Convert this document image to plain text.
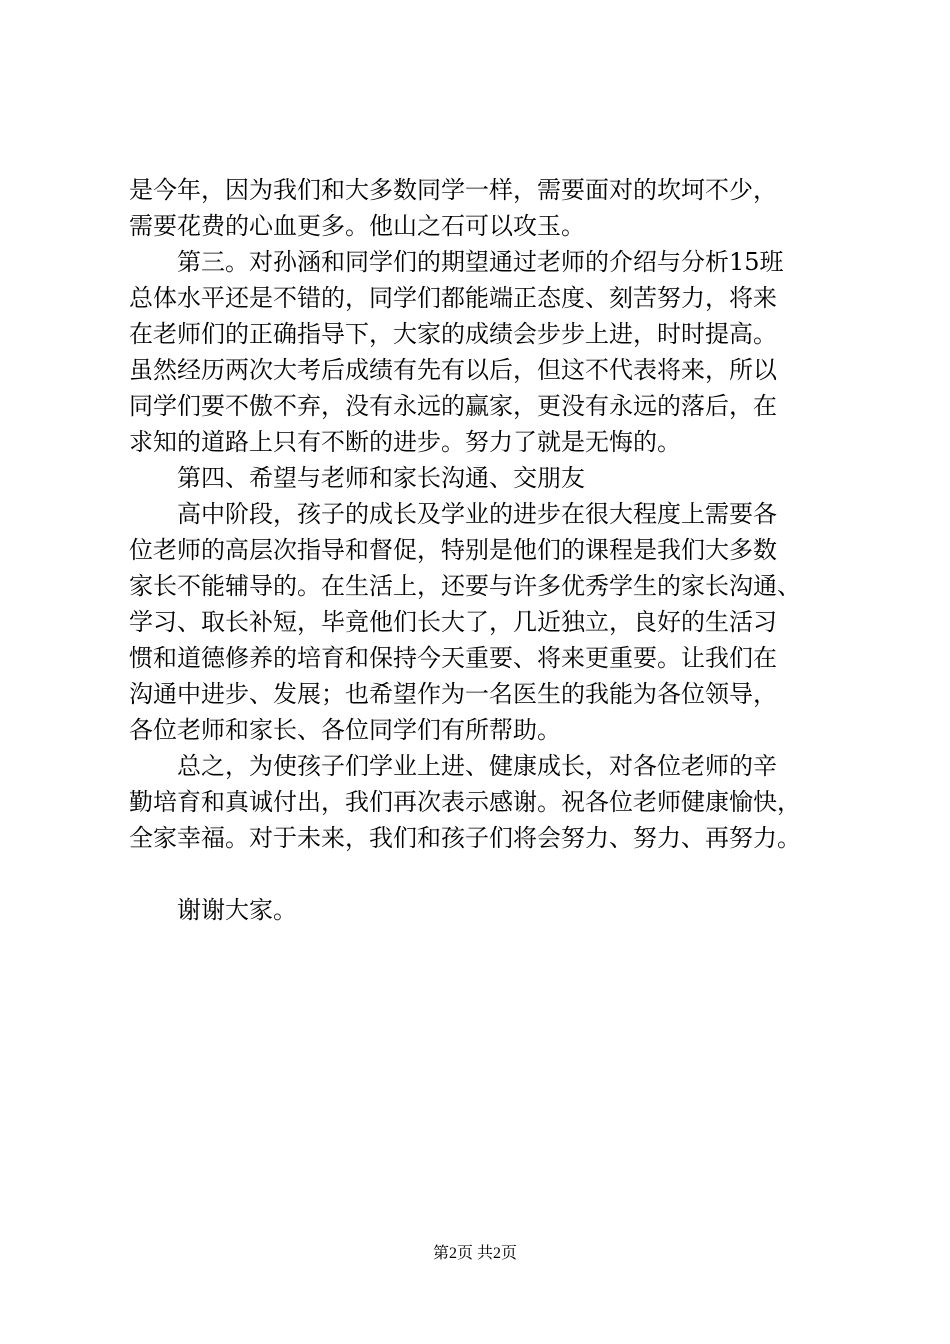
是今年，因为我们和大多数同学一样，需要面对的坎坷不少，
需要花费的心血更多。他山之石可以攻玉。
第三。对孙涵和同学们的期望通过老师的介绍与分析15班
总体水平还是不错的，同学们都能端正态度、刻苦努力，将来
在老师们的正确指导下，大家的成绩会步步上进，时时提高。
虽然经历两次大考后成绩有先有以后，但这不代表将来，所以
同学们要不傲不弃，没有永远的赢家，更没有永远的落后，在
求知的道路上只有不断的进步。努力了就是无悔的。
第四、希望与老师和家长沟通、交朋友
高中阶段，孩子的成长及学业的进步在很大程度上需要各
位老师的高层次指导和督促，特别是他们的课程是我们大多数
家长不能辅导的。在生活上，还要与许多优秀学生的家长沟通、
学习、取长补短，毕竟他们长大了，几近独立，良好的生活习
惯和道德修养的培育和保持今天重要、将来更重要。让我们在
沟通中进步、发展；也希望作为一名医生的我能为各位领导，
各位老师和家长、各位同学们有所帮助。
总之，为使孩子们学业上进、健康成长，对各位老师的辛
勤培育和真诚付出，我们再次表示感谢。祝各位老师健康愉快，
全家幸福。对于未来，我们和孩子们将会努力、努力、再努力。
谢谢大家。
第2页 共2页
